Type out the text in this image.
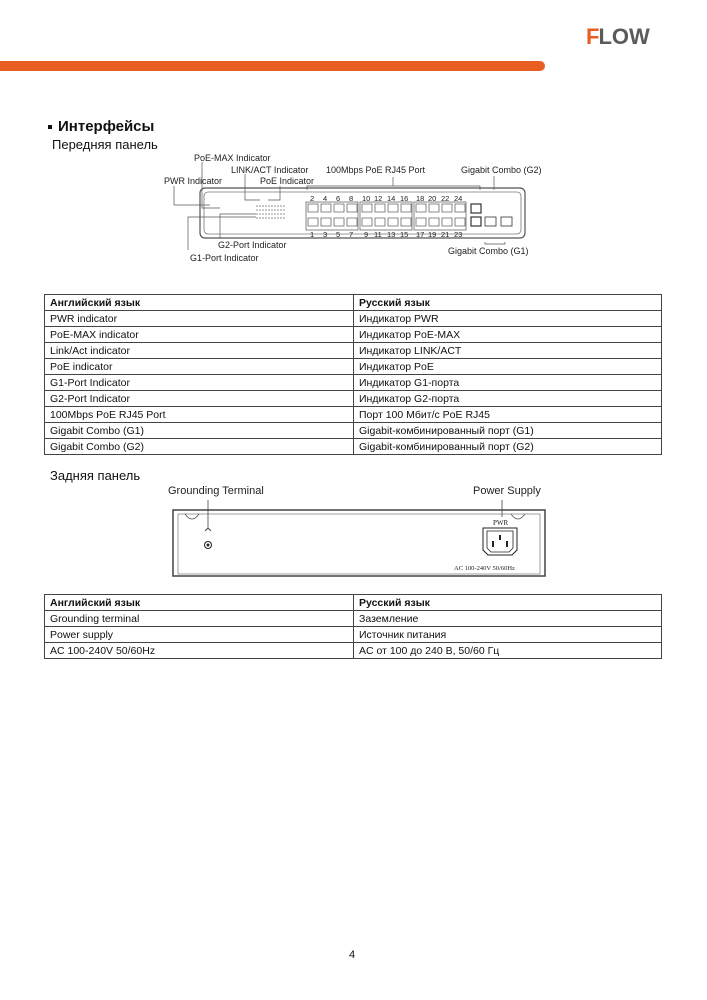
F LOW
Интерфейсы
Передняя панель
PoE-MAX Indicator
LINK/ACT Indicator
PoE Indicator
PWR Indicator
100Mbps PoE RJ45 Port	Gigabit Combo (G2)
Gigabit Combo (G1)
G2-Port Indicator
G1-Port Indicator
2 4 6 8 10 12 14 16 18 20 22 24
1 3 5 7 9 11 13 15 17 19 21 23
Английский язык	Русский язык
PWR indicator	Индикатор PWR
PoE-MAX indicator	Индикатор PoE-MAX
Link/Act indicator	Индикатор LINK/ACT
PoE indicator	Индикатор PoE
G1-Port Indicator	Индикатор G1-порта
G2-Port Indicator	Индикатор G2-порта
100Mbps PoE RJ45 Port	Порт 100 Мбит/с PoE RJ45
Gigabit Combo (G1)	Gigabit-комбинированный порт (G1)
Gigabit Combo (G2)	Gigabit-комбинированный порт (G2)
Задняя панель
Grounding Terminal	Power Supply
PWR
AC 100-240V 50/60Hz
Английский язык	Русский язык
Grounding terminal	Заземление
Power supply	Источник питания
AC 100-240V 50/60Hz	AC от 100 до 240 В, 50/60 Гц
4
